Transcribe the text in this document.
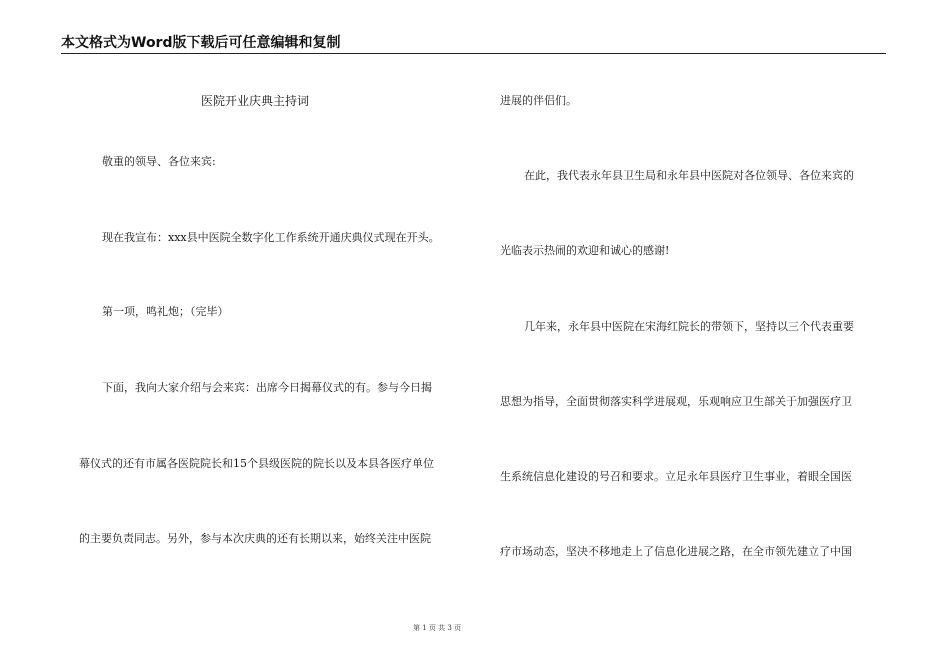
本文格式为Word版下载后可任意编辑和复制
医院开业庆典主持词
敬重的领导、各位来宾:
现在我宣布：xxx县中医院全数字化工作系统开通庆典仪式现在开头。
第一项，鸣礼炮；（完毕）
下面，我向大家介绍与会来宾：出席今日揭幕仪式的有。参与今日揭
幕仪式的还有市属各医院院长和15个县级医院的院长以及本县各医疗单位
的主要负责同志。另外，参与本次庆典的还有长期以来，始终关注中医院
进展的伴侣们。
在此，我代表永年县卫生局和永年县中医院对各位领导、各位来宾的
光临表示热闹的欢迎和诚心的感谢!
几年来，永年县中医院在宋海红院长的带领下，坚持以三个代表重要
思想为指导，全面贯彻落实科学进展观，乐观响应卫生部关于加强医疗卫
生系统信息化建设的号召和要求。立足永年县医疗卫生事业，着眼全国医
疗市场动态，坚决不移地走上了信息化进展之路，在全市领先建立了中国
第 1 页 共 3 页
